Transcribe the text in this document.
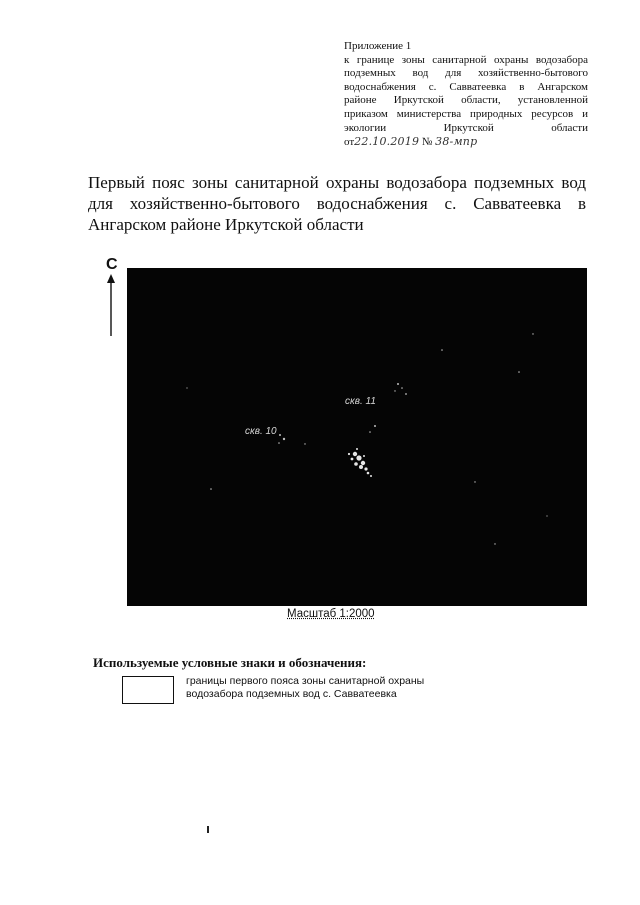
Приложение 1
к границе зоны санитарной охраны водозабора
подземных вод для хозяйственно-бытового
водоснабжения с. Савватеевка в Ангарском
районе Иркутской области, установленной
приказом министерства природных ресурсов и
экологии Иркутской области
от22.10.2019 № 38-мпр
Первый пояс зоны санитарной охраны водозабора подземных вод для хозяйственно-бытового водоснабжения с. Савватеевка в Ангарском районе Иркутской области
С
скв. 10
скв. 11
Масштаб 1:2000
Используемые условные знаки и обозначения:
границы первого пояса зоны санитарной охраны водозабора подземных вод с. Савватеевка
